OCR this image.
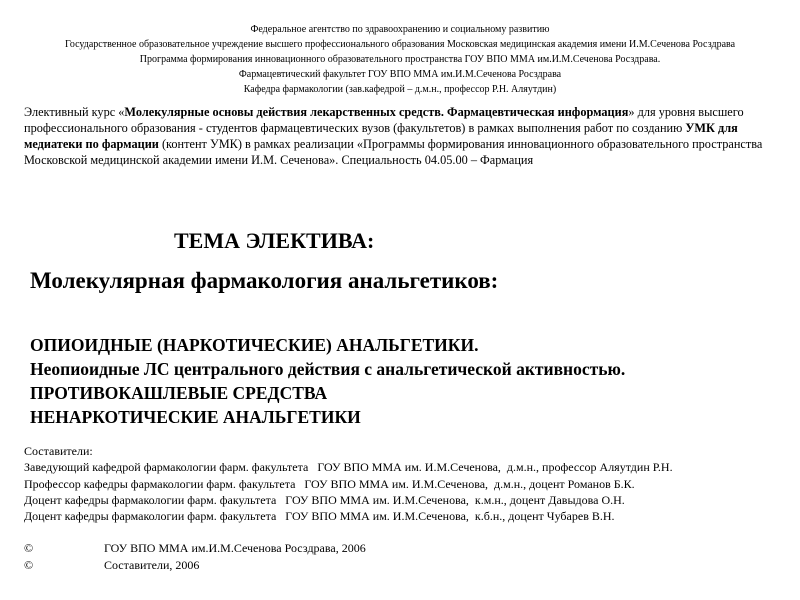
Федеральное агентство по здравоохранению и социальному развитию
Государственное образовательное учреждение высшего профессионального образования Московская медицинская академия имени И.М.Сеченова Росздрава
Программа формирования инновационного образовательного пространства ГОУ ВПО ММА им.И.М.Сеченова Росздрава.
Фармацевтический факультет ГОУ ВПО ММА им.И.М.Сеченова Росздрава
Кафедра фармакологии (зав.кафедрой – д.м.н., профессор Р.Н. Аляутдин)
Элективный курс «Молекулярные основы действия лекарственных средств. Фармацевтическая информация» для уровня высшего профессионального образования - студентов фармацевтических вузов (факультетов) в рамках выполнения работ по созданию УМК для медиатеки по фармации (контент УМК) в рамках реализации «Программы формирования инновационного образовательного пространства Московской медицинской академии имени И.М. Сеченова». Специальность 04.05.00 – Фармация
ТЕМА ЭЛЕКТИВА:
Молекулярная фармакология анальгетиков:
ОПИОИДНЫЕ (НАРКОТИЧЕСКИЕ) АНАЛЬГЕТИКИ.
Неопиоидные ЛС центрального действия с анальгетической активностью.
ПРОТИВОКАШЛЕВЫЕ СРЕДСТВА
НЕНАРКОТИЧЕСКИЕ АНАЛЬГЕТИКИ
Составители:
Заведующий кафедрой фармакологии фарм. факультета   ГОУ ВПО ММА им. И.М.Сеченова,  д.м.н., профессор Аляутдин Р.Н.
Профессор кафедры фармакологии фарм. факультета   ГОУ ВПО ММА им. И.М.Сеченова,  д.м.н., доцент Романов Б.К.
Доцент кафедры фармакологии фарм. факультета   ГОУ ВПО ММА им. И.М.Сеченова,  к.м.н., доцент Давыдова О.Н.
Доцент кафедры фармакологии фарм. факультета   ГОУ ВПО ММА им. И.М.Сеченова,  к.б.н., доцент Чубарев В.Н.
©	ГОУ ВПО ММА им.И.М.Сеченова Росздрава, 2006
©	Составители, 2006
